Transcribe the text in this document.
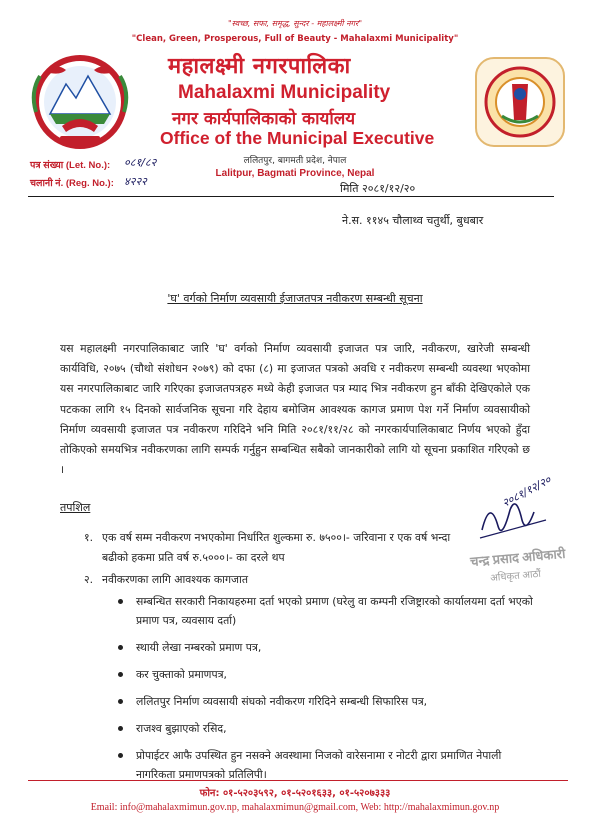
"स्वच्छ, सफा, समृद्ध, सुन्दर - महालक्ष्मी नगर"
"Clean, Green, Prosperous, Full of Beauty - Mahalaxmi Municipality"
महालक्ष्मी नगरपालिका
Mahalaxmi Municipality
नगर कार्यपालिकाको कार्यालय
Office of the Municipal Executive
ललितपुर, बागमती प्रदेश, नेपाल
Lalitpur, Bagmati Province, Nepal
पत्र संख्या (Let. No.): ०८१/८२
चलानी नं. (Reg. No.): ४२२२
मिति २०८१/१२/२०
ने.स. ११४५ चौलाथ्व चतुर्थी, बुधबार
'घ' वर्गको निर्माण व्यवसायी ईजाजतपत्र नवीकरण सम्बन्धी सूचना
यस महालक्ष्मी नगरपालिकाबाट जारि 'घ' वर्गको निर्माण व्यवसायी इजाजत पत्र जारि, नवीकरण, खारेजी सम्बन्धी कार्यविधि, २०७५ (चौथो संशोधन २०७९) को दफा (८) मा इजाजत पत्रको अवधि र नवीकरण सम्बन्धी व्यवस्था भएकोमा यस नगरपालिकाबाट जारि गरिएका इजाजतपत्रहरु मध्ये केही इजाजत पत्र म्याद भित्र नवीकरण हुन बाँकी देखिएकोले एक पटकका लागि १५ दिनको सार्वजनिक सूचना गरि देहाय बमोजिम आवश्यक कागज प्रमाण पेश गर्ने निर्माण व्यवसायीको निर्माण व्यवसायी इजाजत पत्र नवीकरण गरिदिने भनि मिति २०८१/११/२८ को नगरकार्यपालिकाबाट निर्णय भएको हुँदा तोकिएको समयभित्र नवीकरणका लागि सम्पर्क गर्नुहुन सम्बन्धित सबैको जानकारीको लागि यो सूचना प्रकाशित गरिएको छ ।
तपशिल
१. एक वर्ष सम्म नवीकरण नभएकोमा निर्धारित शुल्कमा रु. ७५००।- जरिवाना र एक वर्ष भन्दा
बढीको हकमा प्रति वर्ष रु.५०००।- का दरले थप
२. नवीकरणका लागि आवश्यक कागजात
सम्बन्धित सरकारी निकायहरुमा दर्ता भएको प्रमाण (घरेलु वा कम्पनी रजिष्ट्रारको कार्यालयमा दर्ता भएको प्रमाण पत्र, व्यवसाय दर्ता)
स्थायी लेखा नम्बरको प्रमाण पत्र,
कर चुक्ताको प्रमाणपत्र,
ललितपुर निर्माण व्यवसायी संघको नवीकरण गरिदिने सम्बन्धी सिफारिस पत्र,
राजश्व बुझाएको रसिद,
प्रोपाईटर आफै उपस्थित हुन नसक्ने अवस्थामा निजको वारेसनामा र नोटरी द्वारा प्रमाणित नेपाली नागरिकता प्रमाणपत्रको प्रतिलिपी।
२०८१/१२/२०
चन्द्र प्रसाद अधिकारी
अधिकृत आठौं
फोन: ०१-५२०३५९२, ०१-५२०१६३३, ०१-५२०७३३३
Email: info@mahalaxmimun.gov.np, mahalaxmimun@gmail.com, Web: http://mahalaxmimun.gov.np
